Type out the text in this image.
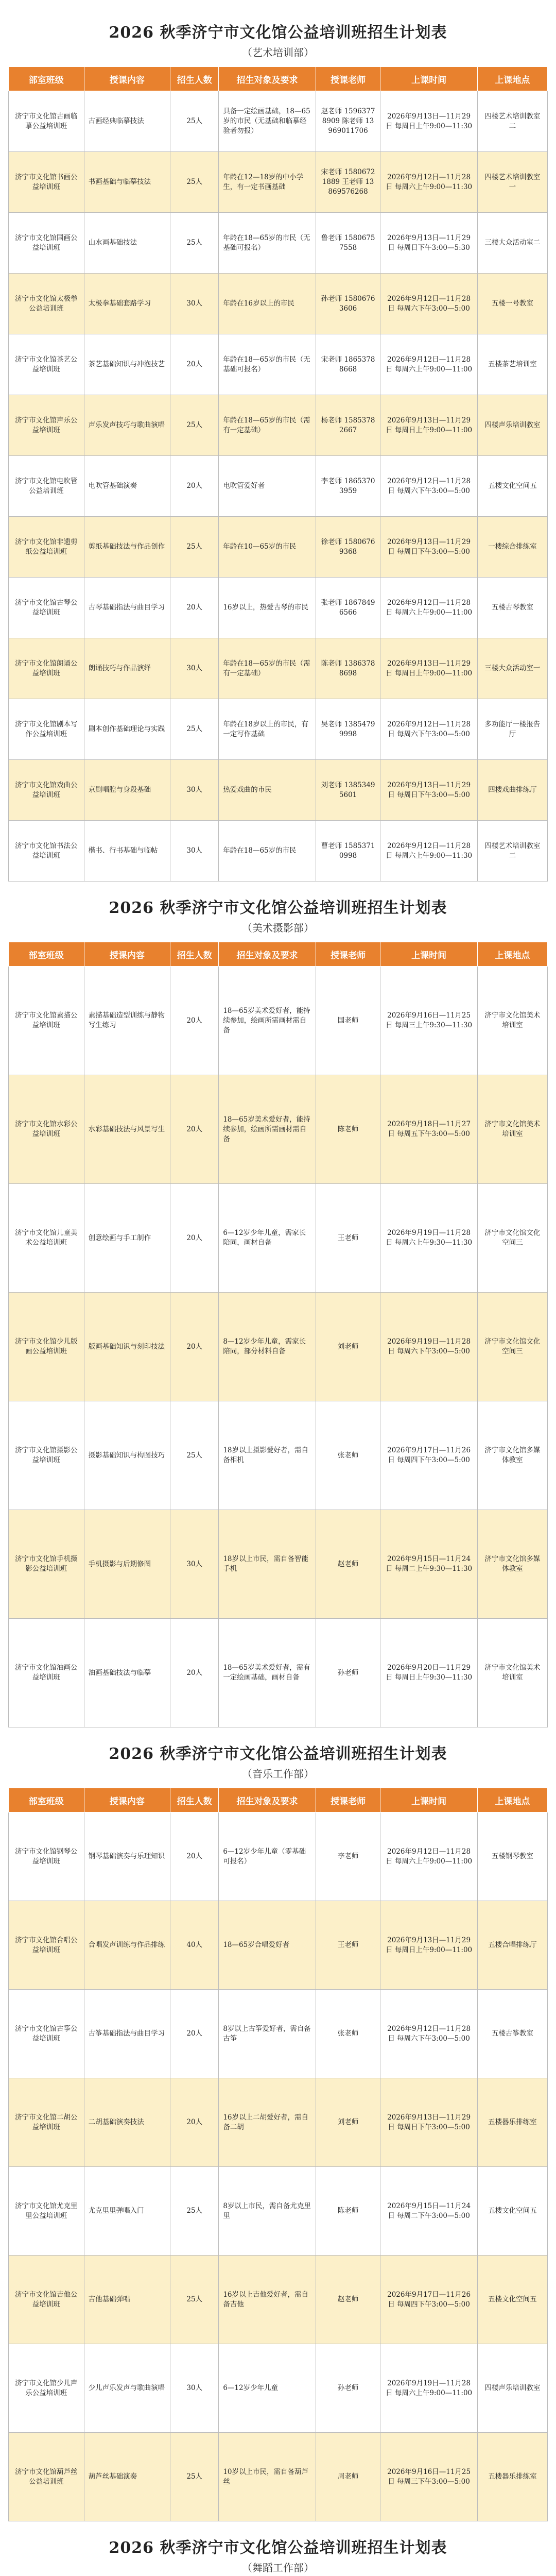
2026 秋季济宁市文化馆公益培训班招生计划表
（艺术培训部）
部室班级	授课内容	招生人数	招生对象及要求	授课老师	上课时间	上课地点
济宁市文化馆古画临摹公益培训班	古画经典临摹技法	25人	具备一定绘画基础，18—65岁的市民（无基础和临摹经验者勿报）	赵老师 15963778909 陈老师 13969011706	2026年9月13日—11月29日 每周日上午9:00—11:30	四楼艺术培训教室二
济宁市文化馆书画公益培训班	书画基础与临摹技法	25人	年龄在12—18岁的中小学生，有一定书画基础	宋老师 15806721889 王老师 13869576268	2026年9月12日—11月28日 每周六上午9:00—11:30	四楼艺术培训教室一
济宁市文化馆国画公益培训班	山水画基础技法	25人	年龄在18—65岁的市民（无基础可报名）	鲁老师 15806757558	2026年9月13日—11月29日 每周日下午3:00—5:30	三楼大众活动室二
济宁市文化馆太极拳公益培训班	太极拳基础套路学习	30人	年龄在16岁以上的市民	孙老师 15806763606	2026年9月12日—11月28日 每周六下午3:00—5:00	五楼一号教室
济宁市文化馆茶艺公益培训班	茶艺基础知识与冲泡技艺	20人	年龄在18—65岁的市民（无基础可报名）	宋老师 18653788668	2026年9月12日—11月28日 每周六上午9:00—11:00	五楼茶艺培训室
济宁市文化馆声乐公益培训班	声乐发声技巧与歌曲演唱	25人	年龄在18—65岁的市民（需有一定基础）	杨老师 15853782667	2026年9月13日—11月29日 每周日上午9:00—11:00	四楼声乐培训教室
济宁市文化馆电吹管公益培训班	电吹管基础演奏	20人	电吹管爱好者	李老师 18653703959	2026年9月12日—11月28日 每周六下午3:00—5:00	五楼文化空间五
济宁市文化馆非遗剪纸公益培训班	剪纸基础技法与作品创作	25人	年龄在10—65岁的市民	徐老师 15806769368	2026年9月13日—11月29日 每周日下午3:00—5:00	一楼综合排练室
济宁市文化馆古琴公益培训班	古琴基础指法与曲目学习	20人	16岁以上，热爱古琴的市民	张老师 18678496566	2026年9月12日—11月28日 每周六上午9:00—11:00	五楼古琴教室
济宁市文化馆朗诵公益培训班	朗诵技巧与作品演绎	30人	年龄在18—65岁的市民（需有一定基础）	陈老师 13863788698	2026年9月13日—11月29日 每周日上午9:00—11:00	三楼大众活动室一
济宁市文化馆剧本写作公益培训班	剧本创作基础理论与实践	25人	年龄在18岁以上的市民，有一定写作基础	吴老师 13854799998	2026年9月12日—11月28日 每周六下午3:00—5:00	多功能厅一楼报告厅
济宁市文化馆戏曲公益培训班	京剧唱腔与身段基础	30人	热爱戏曲的市民	刘老师 13853495601	2026年9月13日—11月29日 每周日下午3:00—5:00	四楼戏曲排练厅
济宁市文化馆书法公益培训班	楷书、行书基础与临帖	30人	年龄在18—65岁的市民	曹老师 15853710998	2026年9月12日—11月28日 每周六上午9:00—11:30	四楼艺术培训教室二
2026 秋季济宁市文化馆公益培训班招生计划表
（美术摄影部）
部室班级	授课内容	招生人数	招生对象及要求	授课老师	上课时间	上课地点
济宁市文化馆素描公益培训班	素描基础造型训练与静物写生练习	20人	18—65岁美术爱好者，能持续参加，绘画所需画材需自备	国老师	2026年9月16日—11月25日 每周三上午9:30—11:30	济宁市文化馆美术培训室
济宁市文化馆水彩公益培训班	水彩基础技法与风景写生	20人	18—65岁美术爱好者，能持续参加，绘画所需画材需自备	陈老师	2026年9月18日—11月27日 每周五下午3:00—5:00	济宁市文化馆美术培训室
济宁市文化馆儿童美术公益培训班	创意绘画与手工制作	20人	6—12岁少年儿童，需家长陪同，画材自备	王老师	2026年9月19日—11月28日 每周六上午9:30—11:30	济宁市文化馆文化空间三
济宁市文化馆少儿版画公益培训班	版画基础知识与刻印技法	20人	8—12岁少年儿童，需家长陪同，部分材料自备	刘老师	2026年9月19日—11月28日 每周六下午3:00—5:00	济宁市文化馆文化空间三
济宁市文化馆摄影公益培训班	摄影基础知识与构图技巧	25人	18岁以上摄影爱好者，需自备相机	张老师	2026年9月17日—11月26日 每周四下午3:00—5:00	济宁市文化馆多媒体教室
济宁市文化馆手机摄影公益培训班	手机摄影与后期修图	30人	18岁以上市民，需自备智能手机	赵老师	2026年9月15日—11月24日 每周二上午9:30—11:30	济宁市文化馆多媒体教室
济宁市文化馆油画公益培训班	油画基础技法与临摹	20人	18—65岁美术爱好者，需有一定绘画基础，画材自备	孙老师	2026年9月20日—11月29日 每周日上午9:30—11:30	济宁市文化馆美术培训室
2026 秋季济宁市文化馆公益培训班招生计划表
（音乐工作部）
部室班级	授课内容	招生人数	招生对象及要求	授课老师	上课时间	上课地点
济宁市文化馆钢琴公益培训班	钢琴基础演奏与乐理知识	20人	6—12岁少年儿童（零基础可报名）	李老师	2026年9月12日—11月28日 每周六上午9:00—11:00	五楼钢琴教室
济宁市文化馆合唱公益培训班	合唱发声训练与作品排练	40人	18—65岁合唱爱好者	王老师	2026年9月13日—11月29日 每周日上午9:00—11:00	五楼合唱排练厅
济宁市文化馆古筝公益培训班	古筝基础指法与曲目学习	20人	8岁以上古筝爱好者，需自备古筝	张老师	2026年9月12日—11月28日 每周六下午3:00—5:00	五楼古筝教室
济宁市文化馆二胡公益培训班	二胡基础演奏技法	20人	16岁以上二胡爱好者，需自备二胡	刘老师	2026年9月13日—11月29日 每周日下午3:00—5:00	五楼器乐排练室
济宁市文化馆尤克里里公益培训班	尤克里里弹唱入门	25人	8岁以上市民，需自备尤克里里	陈老师	2026年9月15日—11月24日 每周二下午3:00—5:00	五楼文化空间五
济宁市文化馆吉他公益培训班	吉他基础弹唱	25人	16岁以上吉他爱好者，需自备吉他	赵老师	2026年9月17日—11月26日 每周四下午3:00—5:00	五楼文化空间五
济宁市文化馆少儿声乐公益培训班	少儿声乐发声与歌曲演唱	30人	6—12岁少年儿童	孙老师	2026年9月19日—11月28日 每周六上午9:00—11:00	四楼声乐培训教室
济宁市文化馆葫芦丝公益培训班	葫芦丝基础演奏	25人	10岁以上市民，需自备葫芦丝	周老师	2026年9月16日—11月25日 每周三下午3:00—5:00	五楼器乐排练室
2026 秋季济宁市文化馆公益培训班招生计划表
（舞蹈工作部）
